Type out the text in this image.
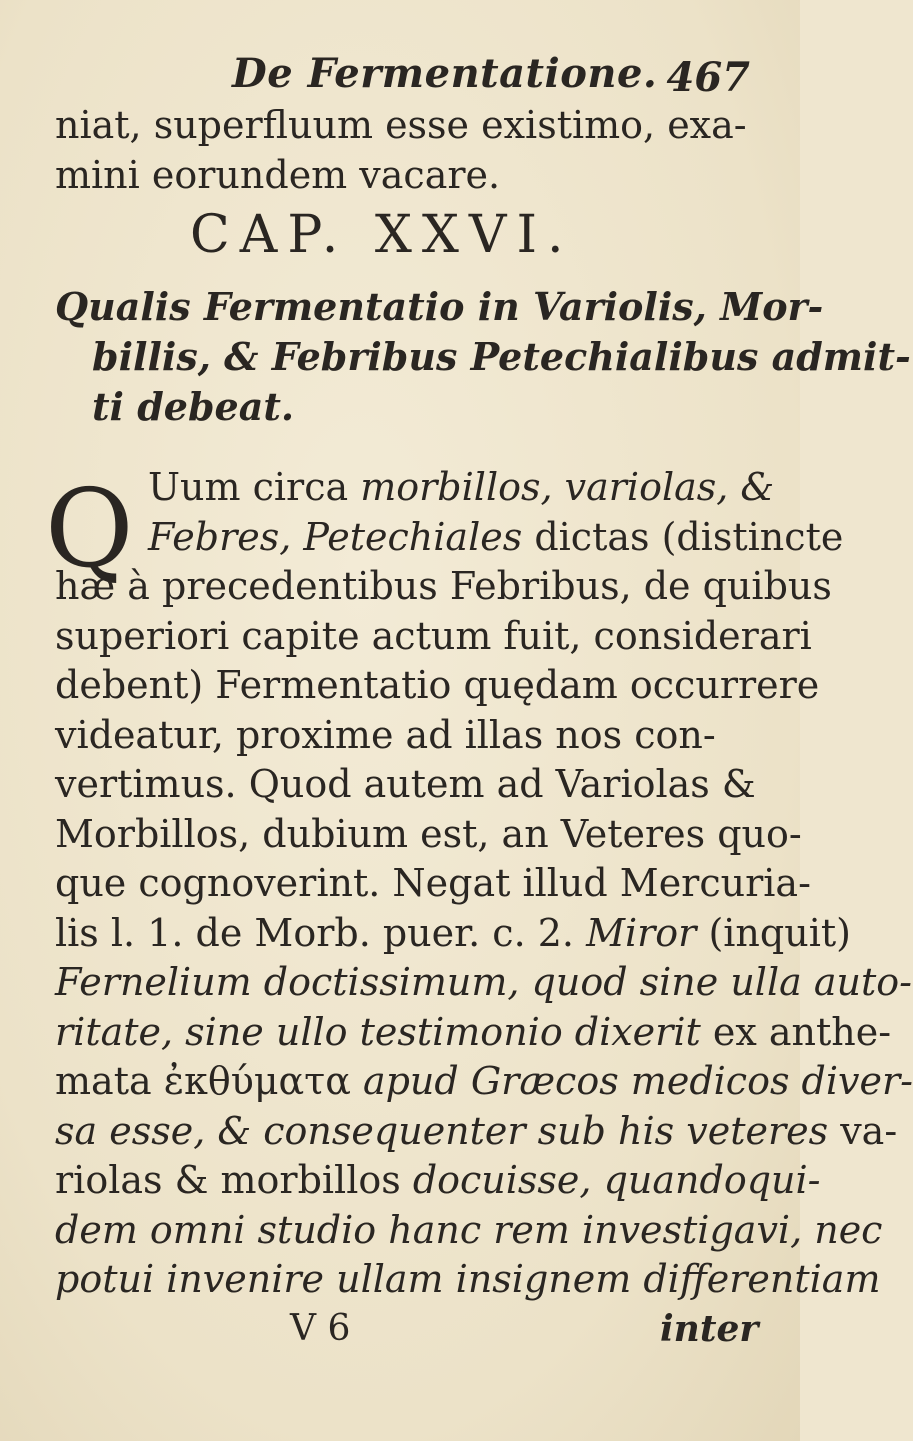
De Fermentatione. 467
niat, superfluum esse existimo, exa-
mini eorundem vacare.
CAP. XXVI.
Qualis Fermentatio in Variolis, Mor-
billis, & Febribus Petechialibus admit-
ti debeat.
Q Uum circa morbillos, variolas, &
Febres, Petechiales dictas (distincte
hæ à precedentibus Febribus, de quibus
superiori capite actum fuit, considerari
debent) Fermentatio quędam occurrere
videatur, proxime ad illas nos con-
vertimus. Quod autem ad Variolas &
Morbillos, dubium est, an Veteres quo-
que cognoverint. Negat illud Mercuria-
lis l. 1. de Morb. puer. c. 2. Miror (inquit)
Fernelium doctissimum, quod sine ulla auto-
ritate, sine ullo testimonio dixerit ex anthe-
mata ἐκθύματα apud Græcos medicos diver-
sa esse, & consequenter sub his veteres va-
riolas & morbillos docuisse, quandoqui-
dem omni studio hanc rem investigavi, nec
potui invenire ullam insignem differentiam
V 6	inter
